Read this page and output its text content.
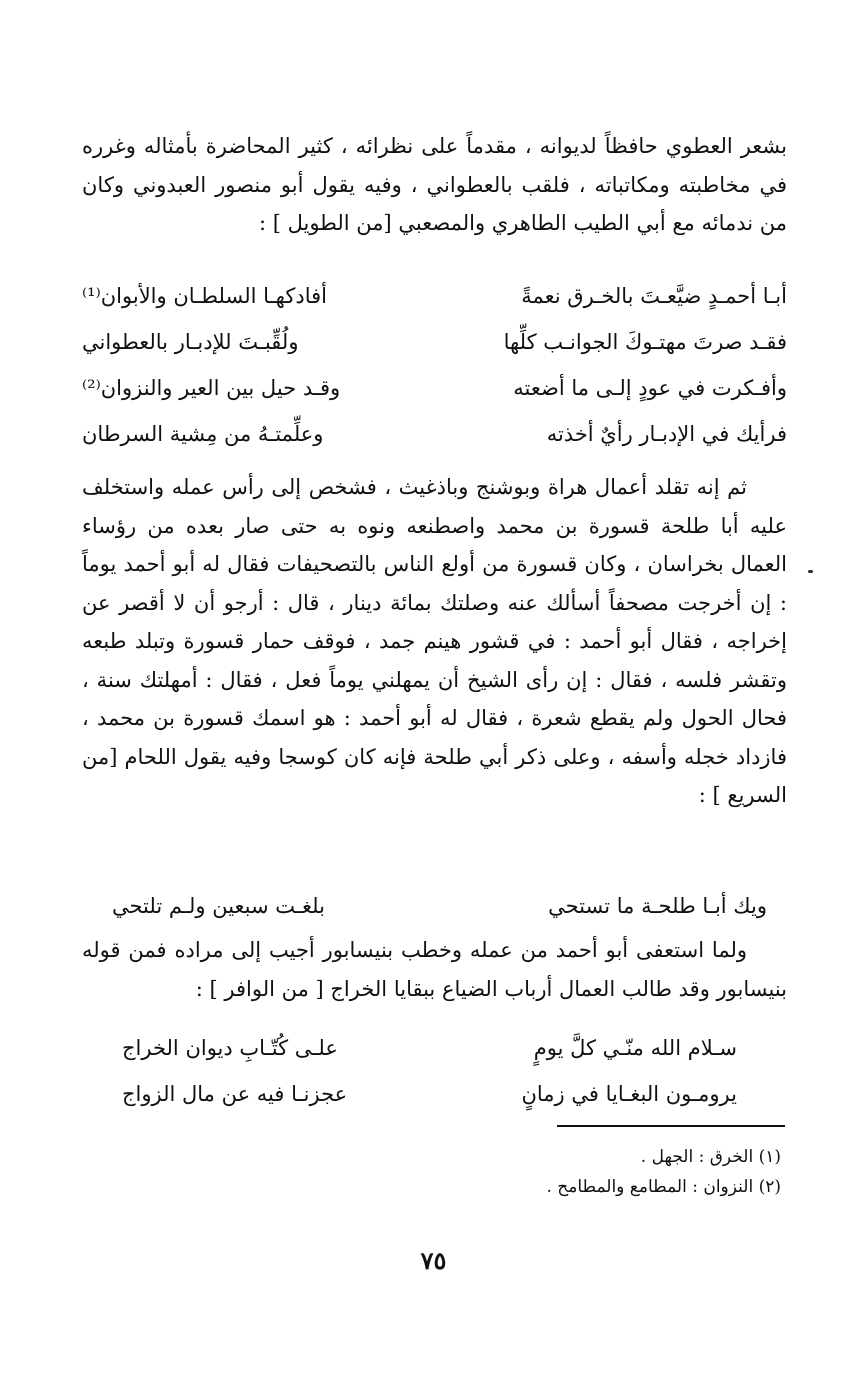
بشعر العطوي حافظاً لديوانه ، مقدماً على نظرائه ، كثير المحاضرة بأمثاله وغرره في مخاطبته ومكاتباته ، فلقب بالعطواني ، وفيه يقول أبو منصور العبدوني وكان من ندمائه مع أبي الطيب الطاهري والمصعبي [من الطويل ] :

أبـا أحمـدٍ ضيَّعـتَ بالخـرق نعمةً
أفادكهـا السلطـان والأبوان⁽¹⁾
فقـد صرتَ مهتـوكَ الجوانـب كلِّها
ولُقِّبـتَ للإدبـار بالعطواني
وأفـكرت في عودٍ إلـى ما أضعته
وقـد حيل بين العير والنزوان⁽²⁾
فرأيك في الإدبـار رأيٌ أخذته
وعلِّمتـهُ من مِشية السرطان

ثم إنه تقلد أعمال هراة وبوشنج وباذغيث ، فشخص إلى رأس عمله واستخلف عليه أبا طلحة قسورة بن محمد واصطنعه ونوه به حتى صار بعده من رؤساء العمال بخراسان ، وكان قسورة من أولع الناس بالتصحيفات فقال له أبو أحمد يوماً : إن أخرجت مصحفاً أسألك عنه وصلتك بمائة دينار ، قال : أرجو أن لا أقصر عن إخراجه ، فقال أبو أحمد : في قشور هينم جمد ، فوقف حمار قسورة وتبلد طبعه وتقشر فلسه ، فقال : إن رأى الشيخ أن يمهلني يوماً فعل ، فقال : أمهلتك سنة ، فحال الحول ولم يقطع شعرة ، فقال له أبو أحمد : هو اسمك قسورة بن محمد ، فازداد خجله وأسفه ، وعلى ذكر أبي طلحة فإنه كان كوسجا وفيه يقول اللحام [من السريع ] :

ويك أبـا طلحـة ما تستحي
بلغـت سبعين ولـم تلتحي

ولما استعفى أبو أحمد من عمله وخطب بنيسابور أجيب إلى مراده فمن قوله بنيسابور وقد طالب العمال أرباب الضياع ببقايا الخراج [ من الوافر ] :

سـلام الله منّـي كلَّ يومٍ
علـى كُتّـابِ ديوان الخراج
يرومـون البغـايا في زمانٍ
عجزنـا فيه عن مال الزواج
(١) الخرق : الجهل .
(٢) النزوان : المطامع والمطامح .
٧٥
